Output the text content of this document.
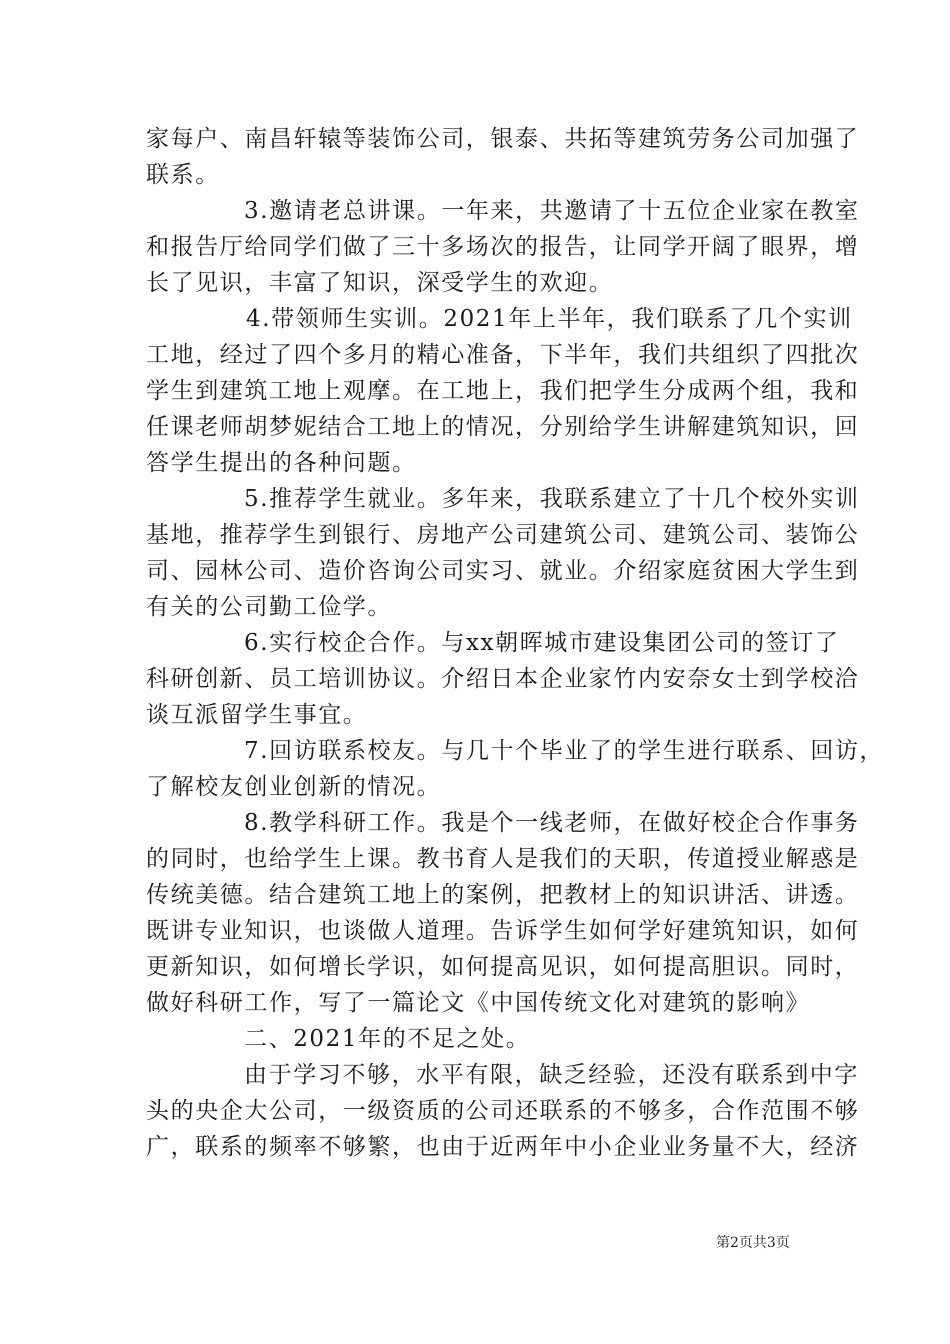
家每户、南昌轩辕等装饰公司，银泰、共拓等建筑劳务公司加强了
联系。
3.邀请老总讲课。一年来，共邀请了十五位企业家在教室
和报告厅给同学们做了三十多场次的报告，让同学开阔了眼界，增
长了见识，丰富了知识，深受学生的欢迎。
4.带领师生实训。2021年上半年，我们联系了几个实训
工地，经过了四个多月的精心准备，下半年，我们共组织了四批次
学生到建筑工地上观摩。在工地上，我们把学生分成两个组，我和
任课老师胡梦妮结合工地上的情况，分别给学生讲解建筑知识，回
答学生提出的各种问题。
5.推荐学生就业。多年来，我联系建立了十几个校外实训
基地，推荐学生到银行、房地产公司建筑公司、建筑公司、装饰公
司、园林公司、造价咨询公司实习、就业。介绍家庭贫困大学生到
有关的公司勤工俭学。
6.实行校企合作。与xx朝晖城市建设集团公司的签订了
科研创新、员工培训协议。介绍日本企业家竹内安奈女士到学校洽
谈互派留学生事宜。
7.回访联系校友。与几十个毕业了的学生进行联系、回访，
了解校友创业创新的情况。
8.教学科研工作。我是个一线老师，在做好校企合作事务
的同时，也给学生上课。教书育人是我们的天职，传道授业解惑是
传统美德。结合建筑工地上的案例，把教材上的知识讲活、讲透。
既讲专业知识，也谈做人道理。告诉学生如何学好建筑知识，如何
更新知识，如何增长学识，如何提高见识，如何提高胆识。同时，
做好科研工作，写了一篇论文《中国传统文化对建筑的影响》
二、2021年的不足之处。
由于学习不够，水平有限，缺乏经验，还没有联系到中字
头的央企大公司，一级资质的公司还联系的不够多，合作范围不够
广，联系的频率不够繁，也由于近两年中小企业业务量不大，经济
第2页共3页
